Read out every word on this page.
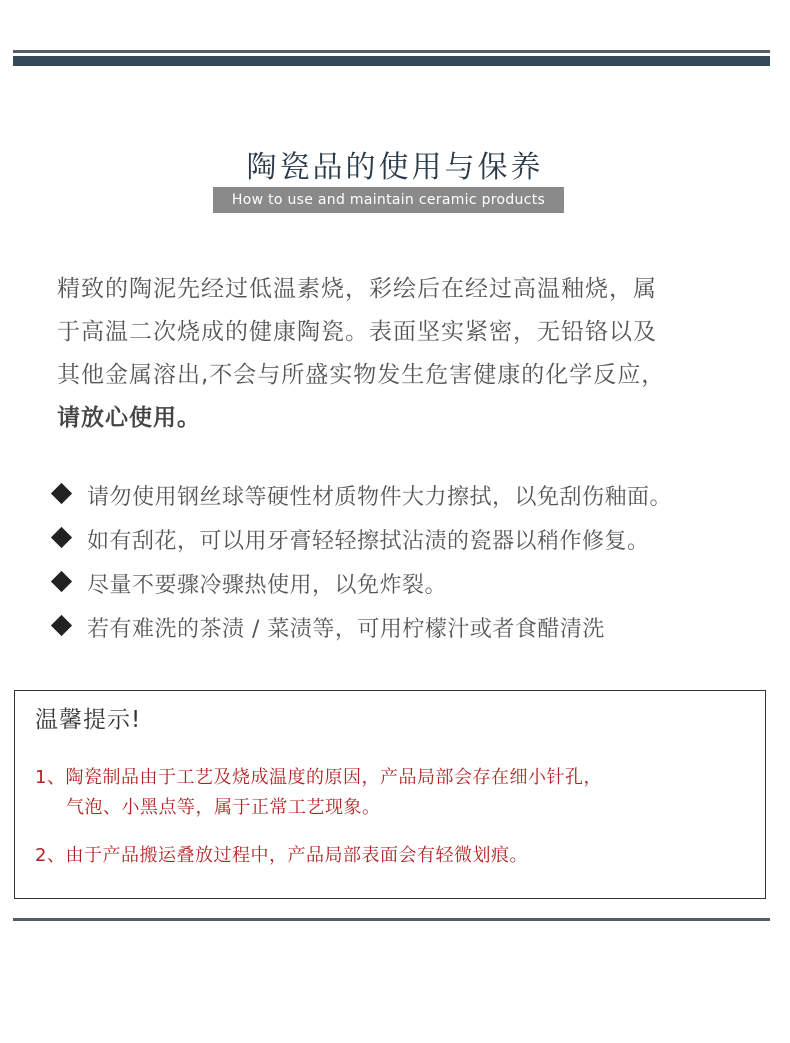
陶瓷品的使用与保养
How to use and maintain ceramic products
精致的陶泥先经过低温素烧，彩绘后在经过高温釉烧，属
于高温二次烧成的健康陶瓷。表面坚实紧密，无铅铬以及
其他金属溶出,不会与所盛实物发生危害健康的化学反应，
请放心使用。
请勿使用钢丝球等硬性材质物件大力擦拭，以免刮伤釉面。
如有刮花，可以用牙膏轻轻擦拭沾渍的瓷器以稍作修复。
尽量不要骤冷骤热使用，以免炸裂。
若有难洗的茶渍 / 菜渍等，可用柠檬汁或者食醋清洗
温馨提示!
1、陶瓷制品由于工艺及烧成温度的原因，产品局部会存在细小针孔，
气泡、小黑点等，属于正常工艺现象。
2、由于产品搬运叠放过程中，产品局部表面会有轻微划痕。
